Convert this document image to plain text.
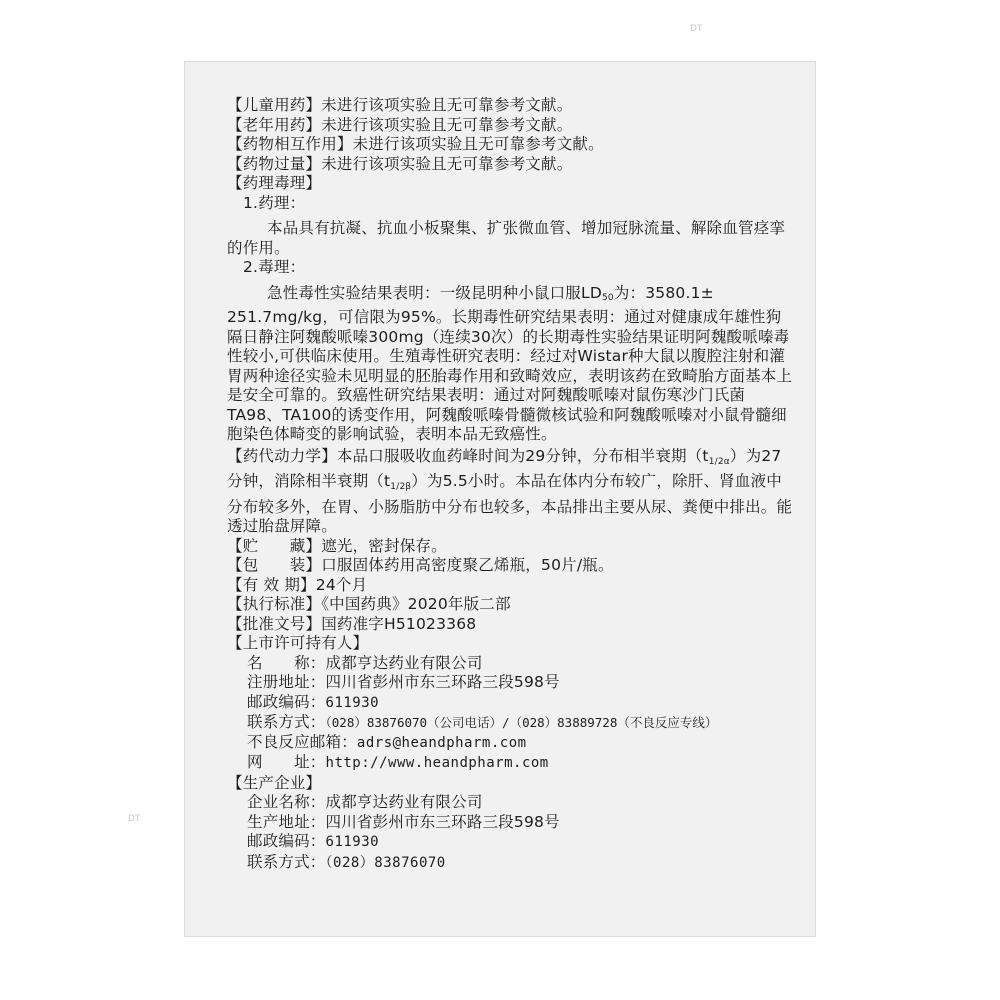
DT
DT
【儿童用药】未进行该项实验且无可靠参考文献。
【老年用药】未进行该项实验且无可靠参考文献。
【药物相互作用】未进行该项实验且无可靠参考文献。
【药物过量】未进行该项实验且无可靠参考文献。
【药理毒理】
1.药理：
本品具有抗凝、抗血小板聚集、扩张微血管、增加冠脉流量、解除血管痉挛的作用。
2.毒理：
急性毒性实验结果表明：一级昆明种小鼠口服$LD_{50}$为：3580.1±
251.7mg/kg，可信限为95%。长期毒性研究结果表明：通过对健康成年雄性狗隔日静注阿魏酸哌嗪300mg（连续30次）的长期毒性实验结果证明阿魏酸哌嗪毒性较小,可供临床使用。生殖毒性研究表明：经过对Wistar种大鼠以腹腔注射和灌胃两种途径实验未见明显的胚胎毒作用和致畸效应，表明该药在致畸胎方面基本上是安全可靠的。致癌性研究结果表明：通过对阿魏酸哌嗪对鼠伤寒沙门氏菌TA98、TA100的诱变作用，阿魏酸哌嗪骨髓微核试验和阿魏酸哌嗪对小鼠骨髓细胞染色体畸变的影响试验，表明本品无致癌性。
【药代动力学】本品口服吸收血药峰时间为29分钟，分布相半衰期（t1/2α）为27分钟，消除相半衰期（t1/2β）为5.5小时。本品在体内分布较广，除肝、肾血液中分布较多外，在胃、小肠脂肪中分布也较多，本品排出主要从尿、粪便中排出。能透过胎盘屏障。
【贮　　藏】遮光，密封保存。
【包　　装】口服固体药用高密度聚乙烯瓶，50片/瓶。
【有 效 期】24个月
【执行标准】《中国药典》2020年版二部
【批准文号】国药准字H51023368
【上市许可持有人】
名　　称：成都亨达药业有限公司
注册地址：四川省彭州市东三环路三段598号
邮政编码：611930
联系方式：（028）83876070（公司电话）/（028）83889728（不良反应专线）
不良反应邮箱：adrs@heandpharm.com
网　　址：http://www.heandpharm.com
【生产企业】
企业名称：成都亨达药业有限公司
生产地址：四川省彭州市东三环路三段598号
邮政编码：611930
联系方式：（028）83876070
